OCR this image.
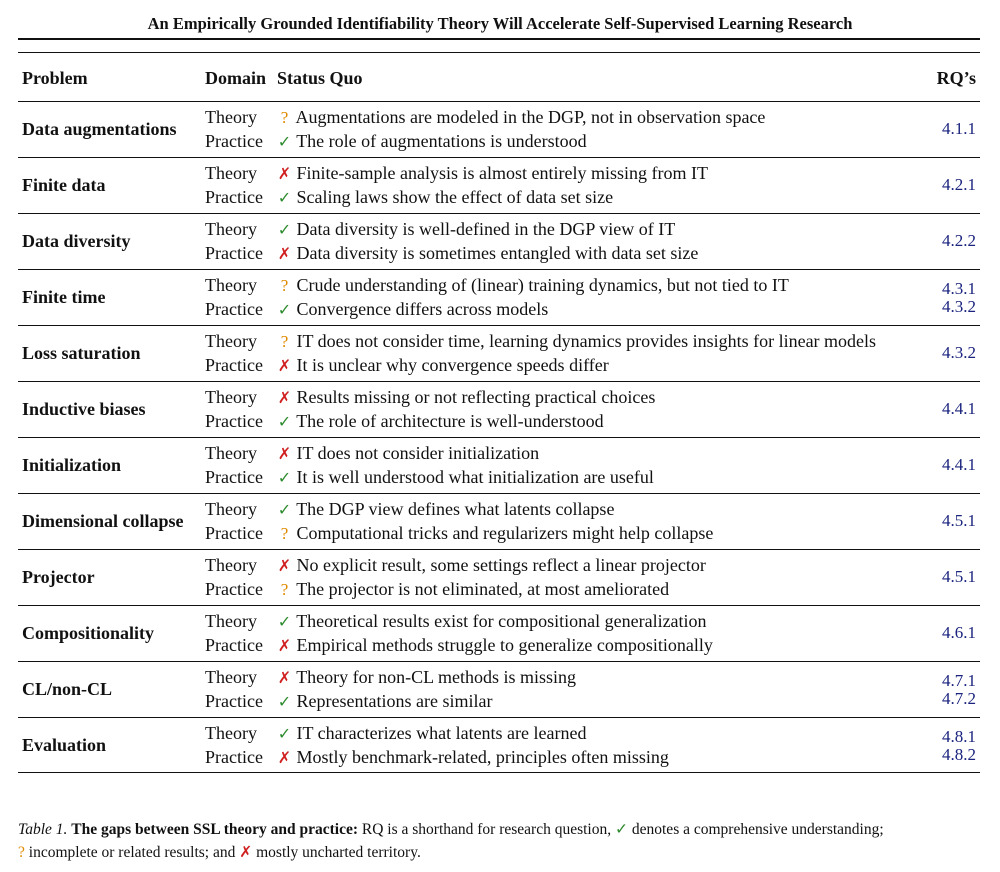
An Empirically Grounded Identifiability Theory Will Accelerate Self-Supervised Learning Research
Problem	Domain Status Quo	RQ’s
Data augmentations
Theory ? Augmentations are modeled in the DGP, not in observation space
Practice ✓ The role of augmentations is understood
4.1.1
Finite data
Theory ✗ Finite-sample analysis is almost entirely missing from IT
Practice ✓ Scaling laws show the effect of data set size
4.2.1
Data diversity
Theory ✓ Data diversity is well-defined in the DGP view of IT
Practice ✗ Data diversity is sometimes entangled with data set size
4.2.2
Finite time
Theory ? Crude understanding of (linear) training dynamics, but not tied to IT
Practice ✓ Convergence differs across models
4.3.1
4.3.2
Loss saturation
Theory ? IT does not consider time, learning dynamics provides insights for linear models
Practice ✗ It is unclear why convergence speeds differ
4.3.2
Inductive biases
Theory ✗ Results missing or not reflecting practical choices
Practice ✓ The role of architecture is well-understood
4.4.1
Initialization
Theory ✗ IT does not consider initialization
Practice ✓ It is well understood what initialization are useful
4.4.1
Dimensional collapse
Theory ✓ The DGP view defines what latents collapse
Practice ? Computational tricks and regularizers might help collapse
4.5.1
Projector
Theory ✗ No explicit result, some settings reflect a linear projector
Practice ? The projector is not eliminated, at most ameliorated
4.5.1
Compositionality
Theory ✓ Theoretical results exist for compositional generalization
Practice ✗ Empirical methods struggle to generalize compositionally
4.6.1
CL/non-CL
Theory ✗ Theory for non-CL methods is missing
Practice ✓ Representations are similar
4.7.1
4.7.2
Evaluation
Theory ✓ IT characterizes what latents are learned
Practice ✗ Mostly benchmark-related, principles often missing
4.8.1
4.8.2
Table 1. The gaps between SSL theory and practice: RQ is a shorthand for research question, ✓ denotes a comprehensive understanding;
? incomplete or related results; and ✗ mostly uncharted territory.
